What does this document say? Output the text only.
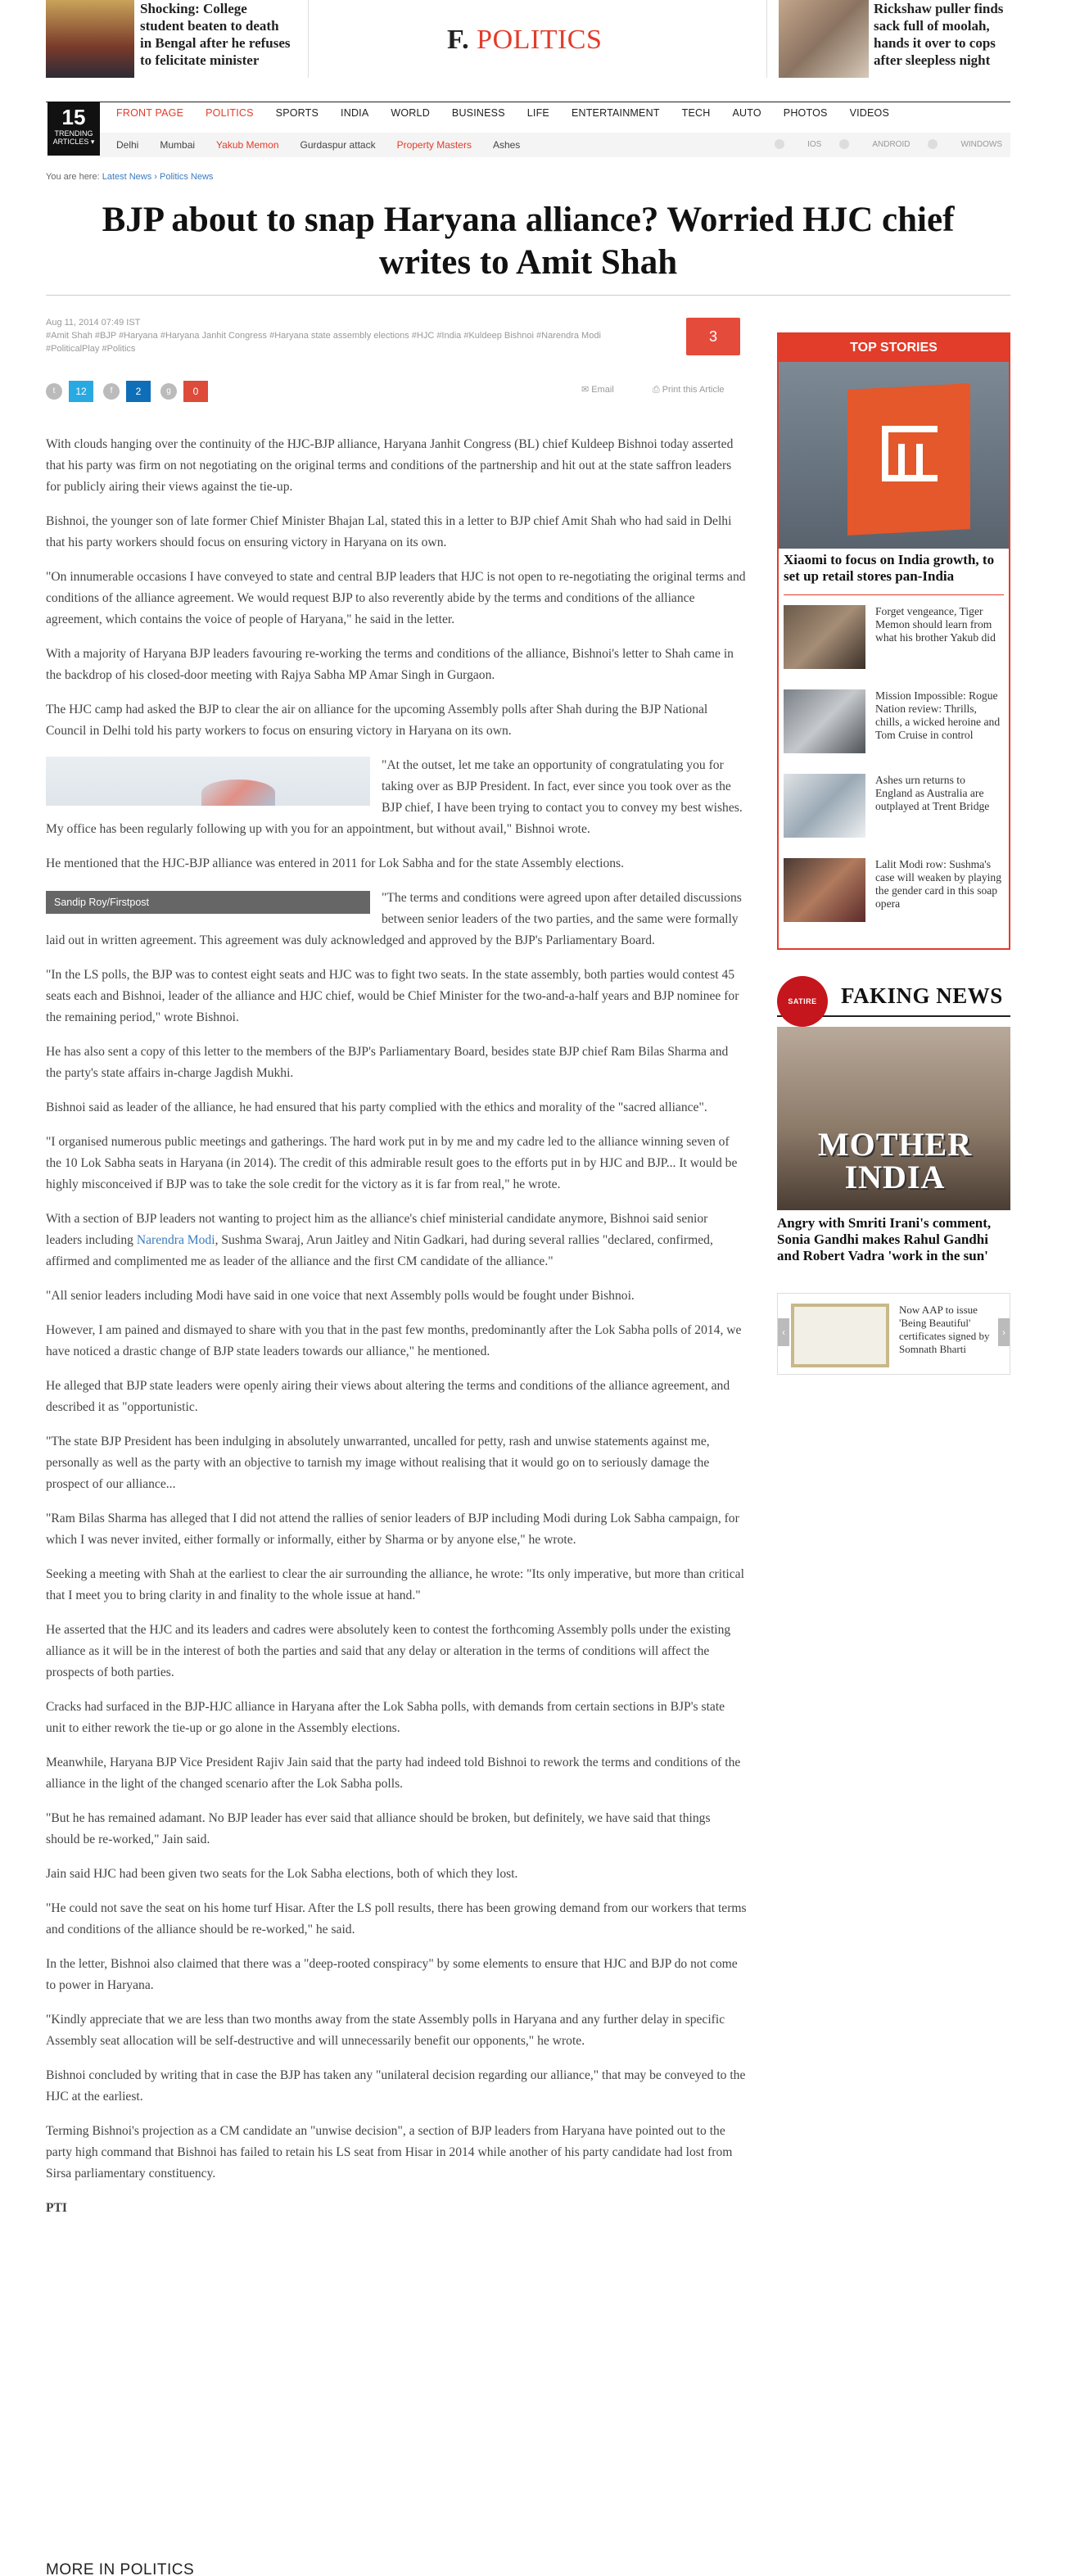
Shocking: College student beaten to death in Bengal after he refuses to felicitate minister
F. POLITICS
Rickshaw puller finds sack full of moolah, hands it over to cops after sleepless night
15
TRENDING ARTICLES ▾
FRONT PAGE POLITICS SPORTS INDIA WORLD BUSINESS LIFE ENTERTAINMENT TECH AUTO PHOTOS VIDEOS
Delhi Mumbai Yakub Memon Gurdaspur attack Property Masters Ashes	IOS	ANDROID	WINDOWS
You are here: Latest News › Politics News
BJP about to snap Haryana alliance? Worried HJC chief writes to Amit Shah
Aug 11, 2014 07:49 IST
#Amit Shah #BJP #Haryana #Haryana Janhit Congress #Haryana state assembly elections #HJC #India #Kuldeep Bishnoi #Narendra Modi #PoliticalPlay #Politics
3
t	12	f	2	g	0	✉ Email	⎙ Print this Article

With clouds hanging over the continuity of the HJC-BJP alliance, Haryana Janhit Congress (BL) chief Kuldeep Bishnoi today asserted that his party was firm on not negotiating on the original terms and conditions of the partnership and hit out at the state saffron leaders for publicly airing their views against the tie-up.

Bishnoi, the younger son of late former Chief Minister Bhajan Lal, stated this in a letter to BJP chief Amit Shah who had said in Delhi that his party workers should focus on ensuring victory in Haryana on its own.

"On innumerable occasions I have conveyed to state and central BJP leaders that HJC is not open to re-negotiating the original terms and conditions of the alliance agreement. We would request BJP to also reverently abide by the terms and conditions of the alliance agreement, which contains the voice of people of Haryana," he said in the letter.

With a majority of Haryana BJP leaders favouring re-working the terms and conditions of the alliance, Bishnoi's letter to Shah came in the backdrop of his closed-door meeting with Rajya Sabha MP Amar Singh in Gurgaon.

The HJC camp had asked the BJP to clear the air on alliance for the upcoming Assembly polls after Shah during the BJP National Council in Delhi told his party workers to focus on ensuring victory in Haryana on its own.

"At the outset, let me take an opportunity of congratulating you for taking over as BJP President. In fact, ever since you took over as the BJP chief, I have been trying to contact you to convey my best wishes. My office has been regularly following up with you for an appointment, but without avail," Bishnoi wrote.

He mentioned that the HJC-BJP alliance was entered in 2011 for Lok Sabha and for the state Assembly elections.

Sandip Roy/Firstpost	"The terms and conditions were agreed upon after detailed discussions between senior leaders of the two parties, and the same were formally laid out in written agreement. This agreement was duly acknowledged and approved by the BJP's Parliamentary Board.

"In the LS polls, the BJP was to contest eight seats and HJC was to fight two seats. In the state assembly, both parties would contest 45 seats each and Bishnoi, leader of the alliance and HJC chief, would be Chief Minister for the two-and-a-half years and BJP nominee for the remaining period," wrote Bishnoi.

He has also sent a copy of this letter to the members of the BJP's Parliamentary Board, besides state BJP chief Ram Bilas Sharma and the party's state affairs in-charge Jagdish Mukhi.

Bishnoi said as leader of the alliance, he had ensured that his party complied with the ethics and morality of the "sacred alliance".

"I organised numerous public meetings and gatherings. The hard work put in by me and my cadre led to the alliance winning seven of the 10 Lok Sabha seats in Haryana (in 2014). The credit of this admirable result goes to the efforts put in by HJC and BJP... It would be highly misconceived if BJP was to take the sole credit for the victory as it is far from real," he wrote.

With a section of BJP leaders not wanting to project him as the alliance's chief ministerial candidate anymore, Bishnoi said senior leaders including Narendra Modi, Sushma Swaraj, Arun Jaitley and Nitin Gadkari, had during several rallies "declared, confirmed, affirmed and complimented me as leader of the alliance and the first CM candidate of the alliance."

"All senior leaders including Modi have said in one voice that next Assembly polls would be fought under Bishnoi.

However, I am pained and dismayed to share with you that in the past few months, predominantly after the Lok Sabha polls of 2014, we have noticed a drastic change of BJP state leaders towards our alliance," he mentioned.

He alleged that BJP state leaders were openly airing their views about altering the terms and conditions of the alliance agreement, and described it as "opportunistic.

"The state BJP President has been indulging in absolutely unwarranted, uncalled for petty, rash and unwise statements against me, personally as well as the party with an objective to tarnish my image without realising that it would go on to seriously damage the prospect of our alliance...

"Ram Bilas Sharma has alleged that I did not attend the rallies of senior leaders of BJP including Modi during Lok Sabha campaign, for which I was never invited, either formally or informally, either by Sharma or by anyone else," he wrote.

Seeking a meeting with Shah at the earliest to clear the air surrounding the alliance, he wrote: "Its only imperative, but more than critical that I meet you to bring clarity in and finality to the whole issue at hand."

He asserted that the HJC and its leaders and cadres were absolutely keen to contest the forthcoming Assembly polls under the existing alliance as it will be in the interest of both the parties and said that any delay or alteration in the terms of conditions will affect the prospects of both parties.

Cracks had surfaced in the BJP-HJC alliance in Haryana after the Lok Sabha polls, with demands from certain sections in BJP's state unit to either rework the tie-up or go alone in the Assembly elections.

Meanwhile, Haryana BJP Vice President Rajiv Jain said that the party had indeed told Bishnoi to rework the terms and conditions of the alliance in the light of the changed scenario after the Lok Sabha polls.

"But he has remained adamant. No BJP leader has ever said that alliance should be broken, but definitely, we have said that things should be re-worked," Jain said.

Jain said HJC had been given two seats for the Lok Sabha elections, both of which they lost.

"He could not save the seat on his home turf Hisar. After the LS poll results, there has been growing demand from our workers that terms and conditions of the alliance should be re-worked," he said.

In the letter, Bishnoi also claimed that there was a "deep-rooted conspiracy" by some elements to ensure that HJC and BJP do not come to power in Haryana.

"Kindly appreciate that we are less than two months away from the state Assembly polls in Haryana and any further delay in specific Assembly seat allocation will be self-destructive and will unnecessarily benefit our opponents," he wrote.

Bishnoi concluded by writing that in case the BJP has taken any "unilateral decision regarding our alliance," that may be conveyed to the HJC at the earliest.

Terming Bishnoi's projection as a CM candidate an "unwise decision", a section of BJP leaders from Haryana have pointed out to the party high command that Bishnoi has failed to retain his LS seat from Hisar in 2014 while another of his party candidate had lost from Sirsa parliamentary constituency.

PTI

MORE IN POLITICS
TOP STORIES
Xiaomi to focus on India growth, to set up retail stores pan-India
Forget vengeance, Tiger Memon should learn from what his brother Yakub did
Mission Impossible: Rogue Nation review: Thrills, chills, a wicked heroine and Tom Cruise in control
Ashes urn returns to England as Australia are outplayed at Trent Bridge
Lalit Modi row: Sushma's case will weaken by playing the gender card in this soap opera
SATIRE	FAKING NEWS
MOTHER
INDIA
Angry with Smriti Irani's comment, Sonia Gandhi makes Rahul Gandhi and Robert Vadra 'work in the sun'
‹
Now AAP to issue 'Being Beautiful' certificates signed by Somnath Bharti
›
